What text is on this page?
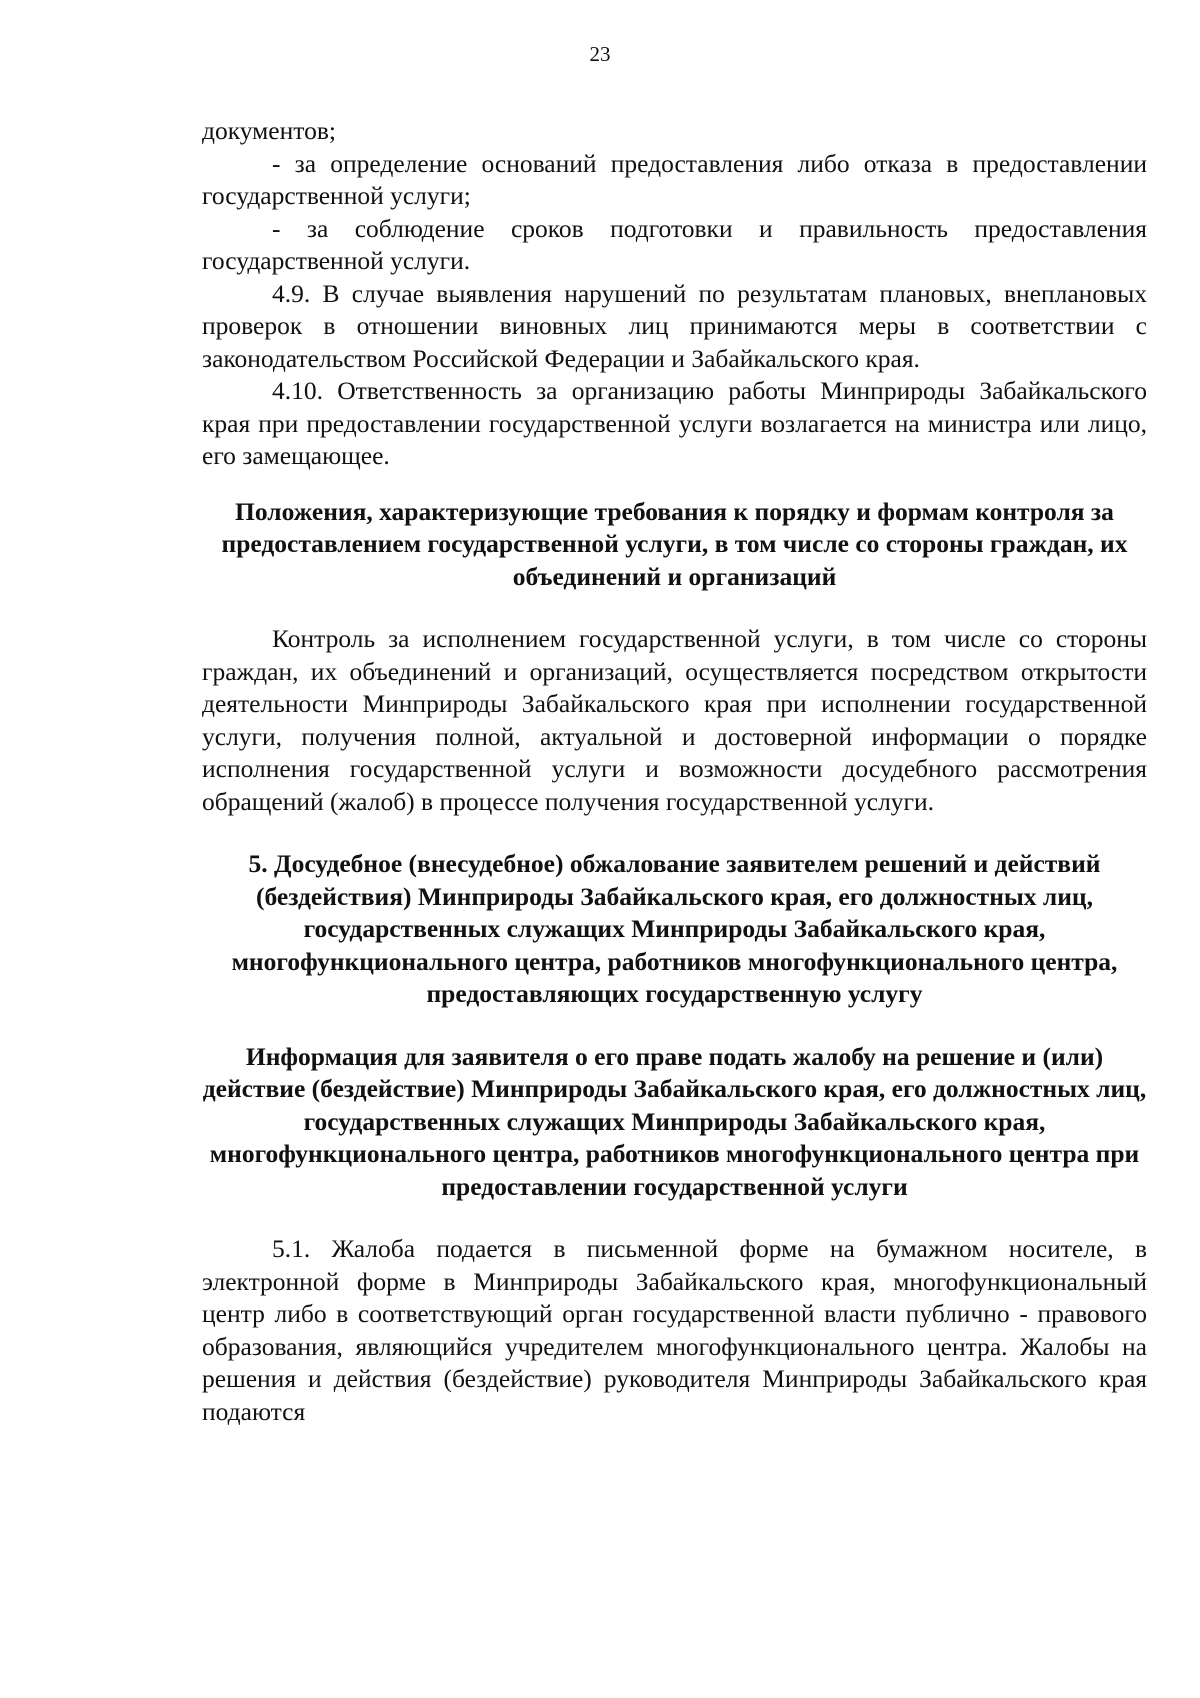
23

документов;

- за определение оснований предоставления либо отказа в предоставлении государственной услуги;

- за соблюдение сроков подготовки и правильность предоставления государственной услуги.

4.9. В случае выявления нарушений по результатам плановых, внеплановых проверок в отношении виновных лиц принимаются меры в соответствии с законодательством Российской Федерации и Забайкальского края.

4.10. Ответственность за организацию работы Минприроды Забайкальского края при предоставлении государственной услуги возлагается на министра или лицо, его замещающее.

Положения, характеризующие требования к порядку и формам контроля за предоставлением государственной услуги, в том числе со стороны граждан, их объединений и организаций

Контроль за исполнением государственной услуги, в том числе со стороны граждан, их объединений и организаций, осуществляется посредством открытости деятельности Минприроды Забайкальского края при исполнении государственной услуги, получения полной, актуальной и достоверной информации о порядке исполнения государственной услуги и возможности досудебного рассмотрения обращений (жалоб) в процессе получения государственной услуги.

5. Досудебное (внесудебное) обжалование заявителем решений и действий (бездействия) Минприроды Забайкальского края, его должностных лиц, государственных служащих Минприроды Забайкальского края, многофункционального центра, работников многофункционального центра, предоставляющих государственную услугу

Информация для заявителя о его праве подать жалобу на решение и (или) действие (бездействие) Минприроды Забайкальского края, его должностных лиц, государственных служащих Минприроды Забайкальского края, многофункционального центра, работников многофункционального центра при предоставлении государственной услуги

5.1. Жалоба подается в письменной форме на бумажном носителе, в электронной форме в Минприроды Забайкальского края, многофункциональный центр либо в соответствующий орган государственной власти публично - правового образования, являющийся учредителем многофункционального центра. Жалобы на решения и действия (бездействие) руководителя Минприроды Забайкальского края подаются
